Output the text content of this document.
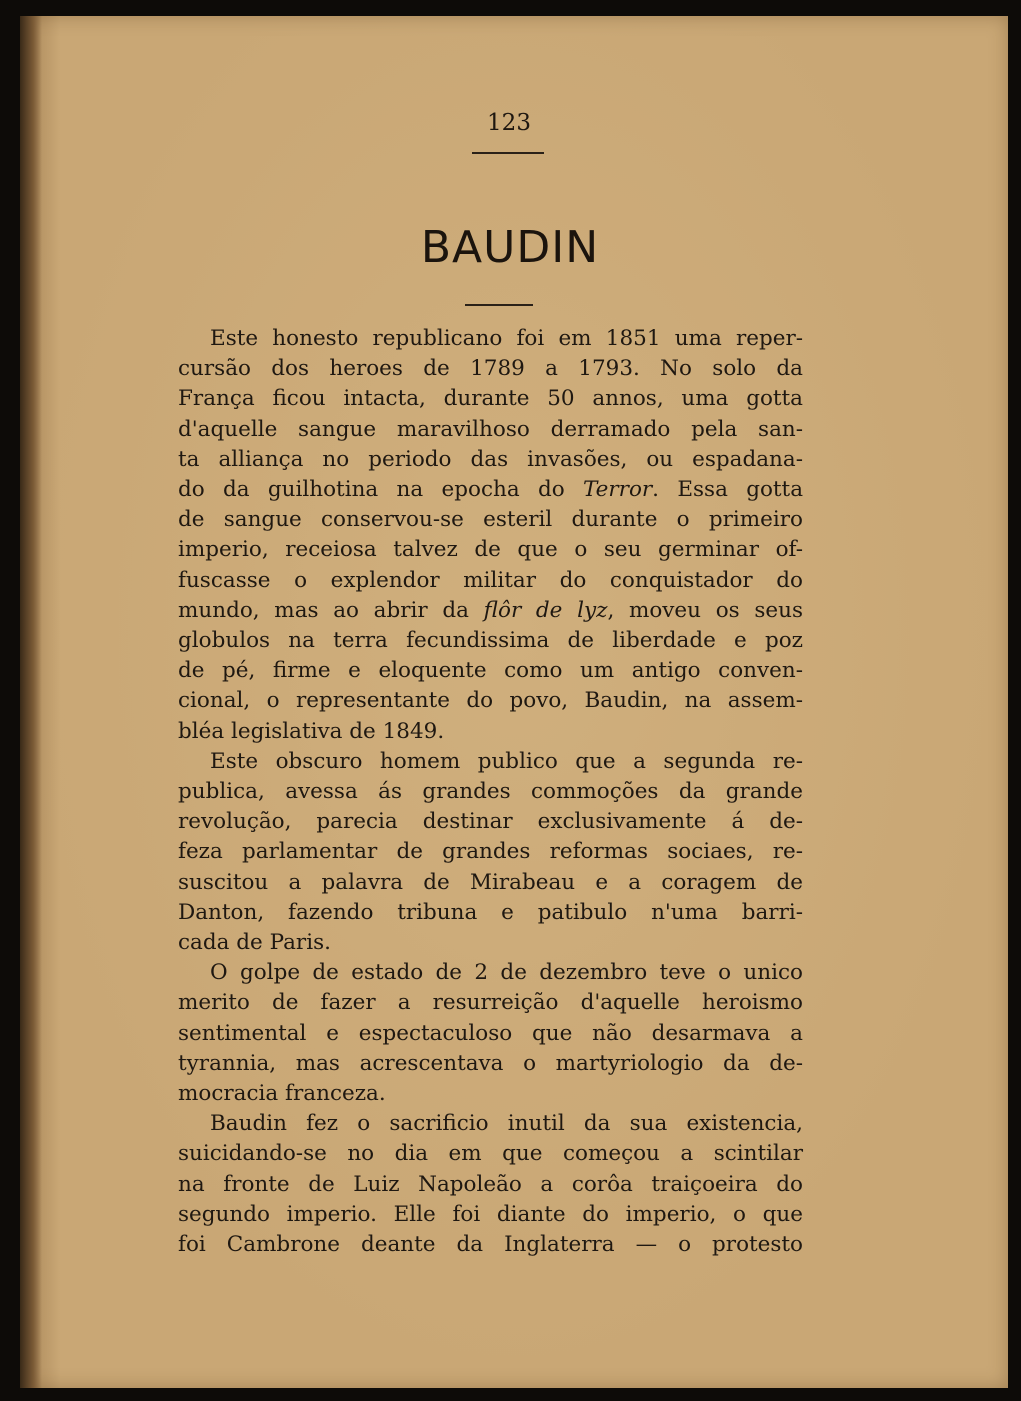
123
BAUDIN
Este honesto republicano foi em 1851 uma reper-
cursão dos heroes de 1789 a 1793. No solo da
França ficou intacta, durante 50 annos, uma gotta
d'aquelle sangue maravilhoso derramado pela san-
ta alliança no periodo das invasões, ou espadana-
do da guilhotina na epocha do Terror. Essa gotta
de sangue conservou-se esteril durante o primeiro
imperio, receiosa talvez de que o seu germinar of-
fuscasse o explendor militar do conquistador do
mundo, mas ao abrir da flôr de lyz, moveu os seus
globulos na terra fecundissima de liberdade e poz
de pé, firme e eloquente como um antigo conven-
cional, o representante do povo, Baudin, na assem-
bléa legislativa de 1849.
Este obscuro homem publico que a segunda re-
publica, avessa ás grandes commoções da grande
revolução, parecia destinar exclusivamente á de-
feza parlamentar de grandes reformas sociaes, re-
suscitou a palavra de Mirabeau e a coragem de
Danton, fazendo tribuna e patibulo n'uma barri-
cada de Paris.
O golpe de estado de 2 de dezembro teve o unico
merito de fazer a resurreição d'aquelle heroismo
sentimental e espectaculoso que não desarmava a
tyrannia, mas acrescentava o martyriologio da de-
mocracia franceza.
Baudin fez o sacrificio inutil da sua existencia,
suicidando-se no dia em que começou a scintilar
na fronte de Luiz Napoleão a corôa traiçoeira do
segundo imperio. Elle foi diante do imperio, o que
foi Cambrone deante da Inglaterra — o protesto
